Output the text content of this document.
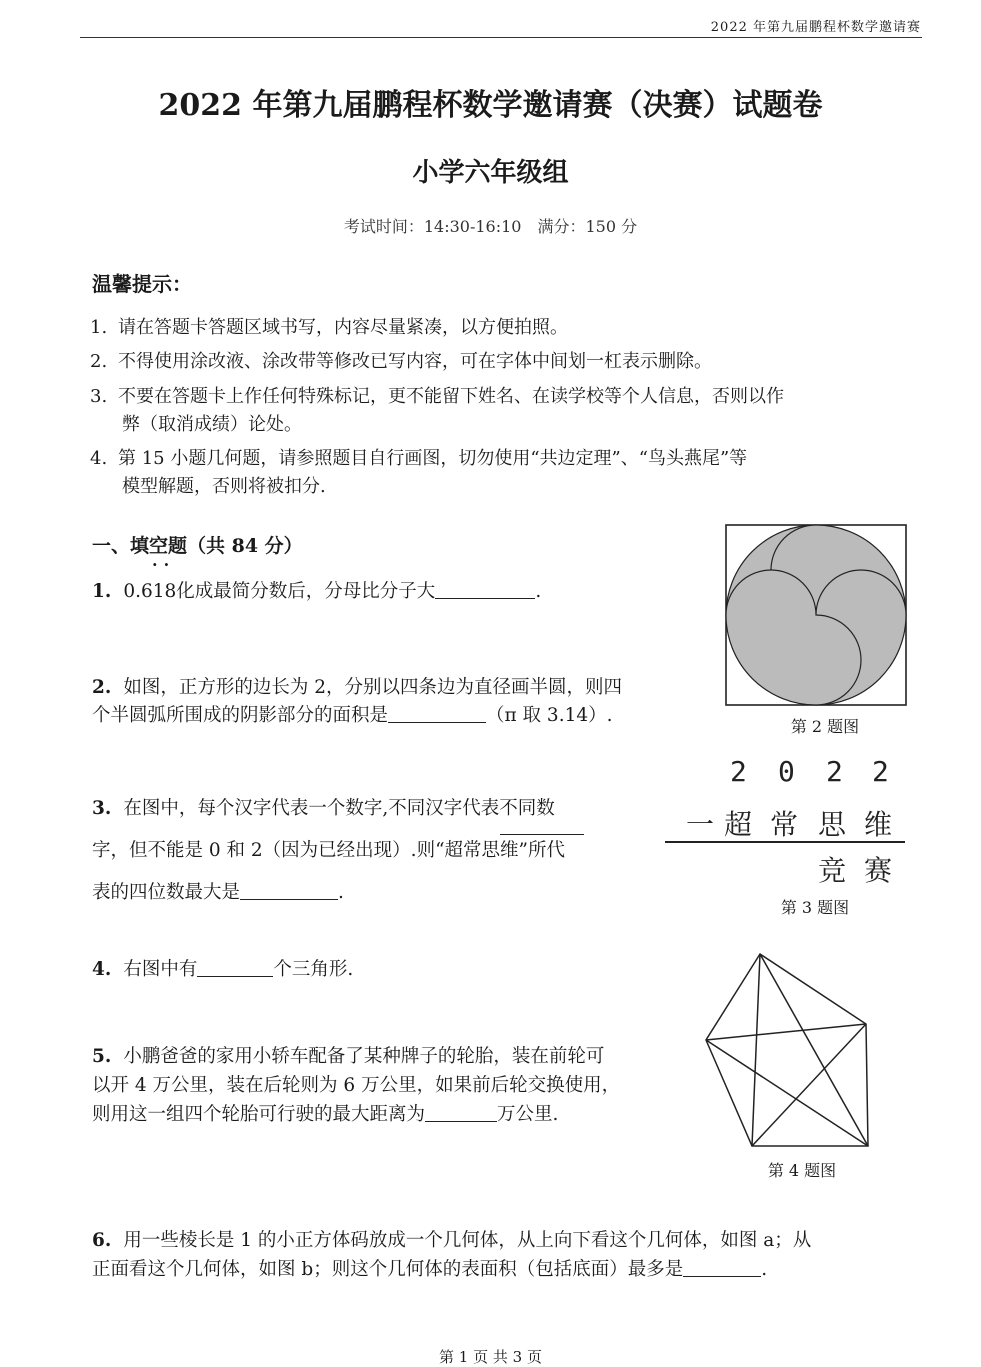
2022 年第九届鹏程杯数学邀请赛
2022 年第九届鹏程杯数学邀请赛（决赛）试题卷
小学六年级组
考试时间：14:30-16:10　满分：150 分
温馨提示：
1. 请在答题卡答题区域书写，内容尽量紧凑，以方便拍照。
2. 不得使用涂改液、涂改带等修改已写内容，可在字体中间划一杠表示删除。
3. 不要在答题卡上作任何特殊标记，更不能留下姓名、在读学校等个人信息，否则以作
弊（取消成绩）论处。
4. 第 15 小题几何题，请参照题目自行画图，切勿使用“共边定理”、“鸟头燕尾”等
模型解题，否则将被扣分.
一、填空题（共 84 分）
··
1. 0.618化成最简分数后，分母比分子大	.
2. 如图，正方形的边长为 2，分别以四条边为直径画半圆，则四
个半圆弧所围成的阴影部分的面积是	（π 取 3.14）.
第 2 题图
3. 在图中，每个汉字代表一个数字,不同汉字代表不同数
字，但不能是 0 和 2（因为已经出现）.则“超常思维”所代
表的四位数最大是	.
2 0 2 2
一 超 常 思 维
竞 赛
第 3 题图
4. 右图中有	个三角形.
第 4 题图
5. 小鹏爸爸的家用小轿车配备了某种牌子的轮胎，装在前轮可
以开 4 万公里，装在后轮则为 6 万公里，如果前后轮交换使用，
则用这一组四个轮胎可行驶的最大距离为	万公里.
6. 用一些棱长是 1 的小正方体码放成一个几何体，从上向下看这个几何体，如图 a；从
正面看这个几何体，如图 b；则这个几何体的表面积（包括底面）最多是	.
第 1 页 共 3 页
